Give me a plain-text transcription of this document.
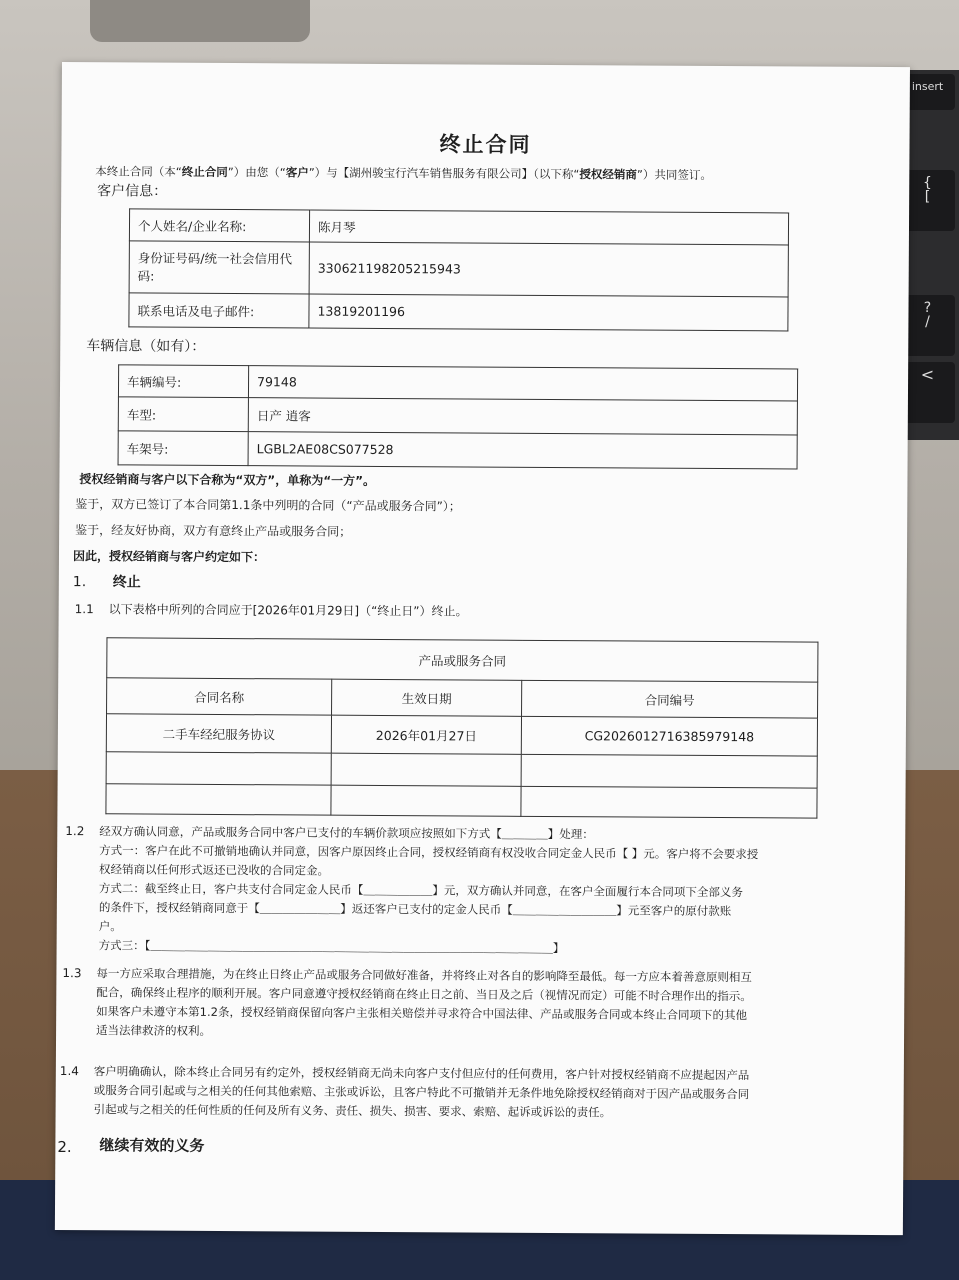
insert
{
[
?
/
<
终止合同
本终止合同（本“终止合同”）由您（“客户”）与【湖州骏宝行汽车销售服务有限公司】（以下称“授权经销商”）共同签订。
客户信息：
个人姓名/企业名称:	陈月琴
身份证号码/统一社会信用代码:	330621198205215943
联系电话及电子邮件:	13819201196
车辆信息（如有）：
车辆编号:	79148
车型:	日产 逍客
车架号:	LGBL2AE08CS077528
授权经销商与客户以下合称为“双方”，单称为“一方”。
鉴于，双方已签订了本合同第1.1条中列明的合同（“产品或服务合同”）；
鉴于，经友好协商，双方有意终止产品或服务合同；
因此，授权经销商与客户约定如下：
1. 终止
1.1 以下表格中所列的合同应于[2026年01月29日]（“终止日”）终止。
产品或服务合同		
合同名称	生效日期	合同编号
二手车经纪服务协议	2026年01月27日	CG2026012716385979148

1.2 经双方确认同意，产品或服务合同中客户已支付的车辆价款项应按照如下方式【＿＿＿＿】处理：
方式一：客户在此不可撤销地确认并同意，因客户原因终止合同，授权经销商有权没收合同定金人民币【 】元。客户将不会要求授
权经销商以任何形式返还已没收的合同定金。
方式二：截至终止日，客户共支付合同定金人民币【＿＿＿＿＿＿】元，双方确认并同意，在客户全面履行本合同项下全部义务
的条件下，授权经销商同意于【＿＿＿＿＿＿＿】返还客户已支付的定金人民币【＿＿＿＿＿＿＿＿＿】元至客户的原付款账
户。
方式三：【＿＿＿＿＿＿＿＿＿＿＿＿＿＿＿＿＿＿＿＿＿＿＿＿＿＿＿＿＿＿＿＿＿＿＿】
1.3 每一方应采取合理措施，为在终止日终止产品或服务合同做好准备，并将终止对各自的影响降至最低。每一方应本着善意原则相互
配合，确保终止程序的顺利开展。客户同意遵守授权经销商在终止日之前、当日及之后（视情况而定）可能不时合理作出的指示。
如果客户未遵守本第1.2条，授权经销商保留向客户主张相关赔偿并寻求符合中国法律、产品或服务合同或本终止合同项下的其他
适当法律救济的权利。
1.4 客户明确确认，除本终止合同另有约定外，授权经销商无尚未向客户支付但应付的任何费用，客户针对授权经销商不应提起因产品
或服务合同引起或与之相关的任何其他索赔、主张或诉讼，且客户特此不可撤销并无条件地免除授权经销商对于因产品或服务合同
引起或与之相关的任何性质的任何及所有义务、责任、损失、损害、要求、索赔、起诉或诉讼的责任。
2. 继续有效的义务
